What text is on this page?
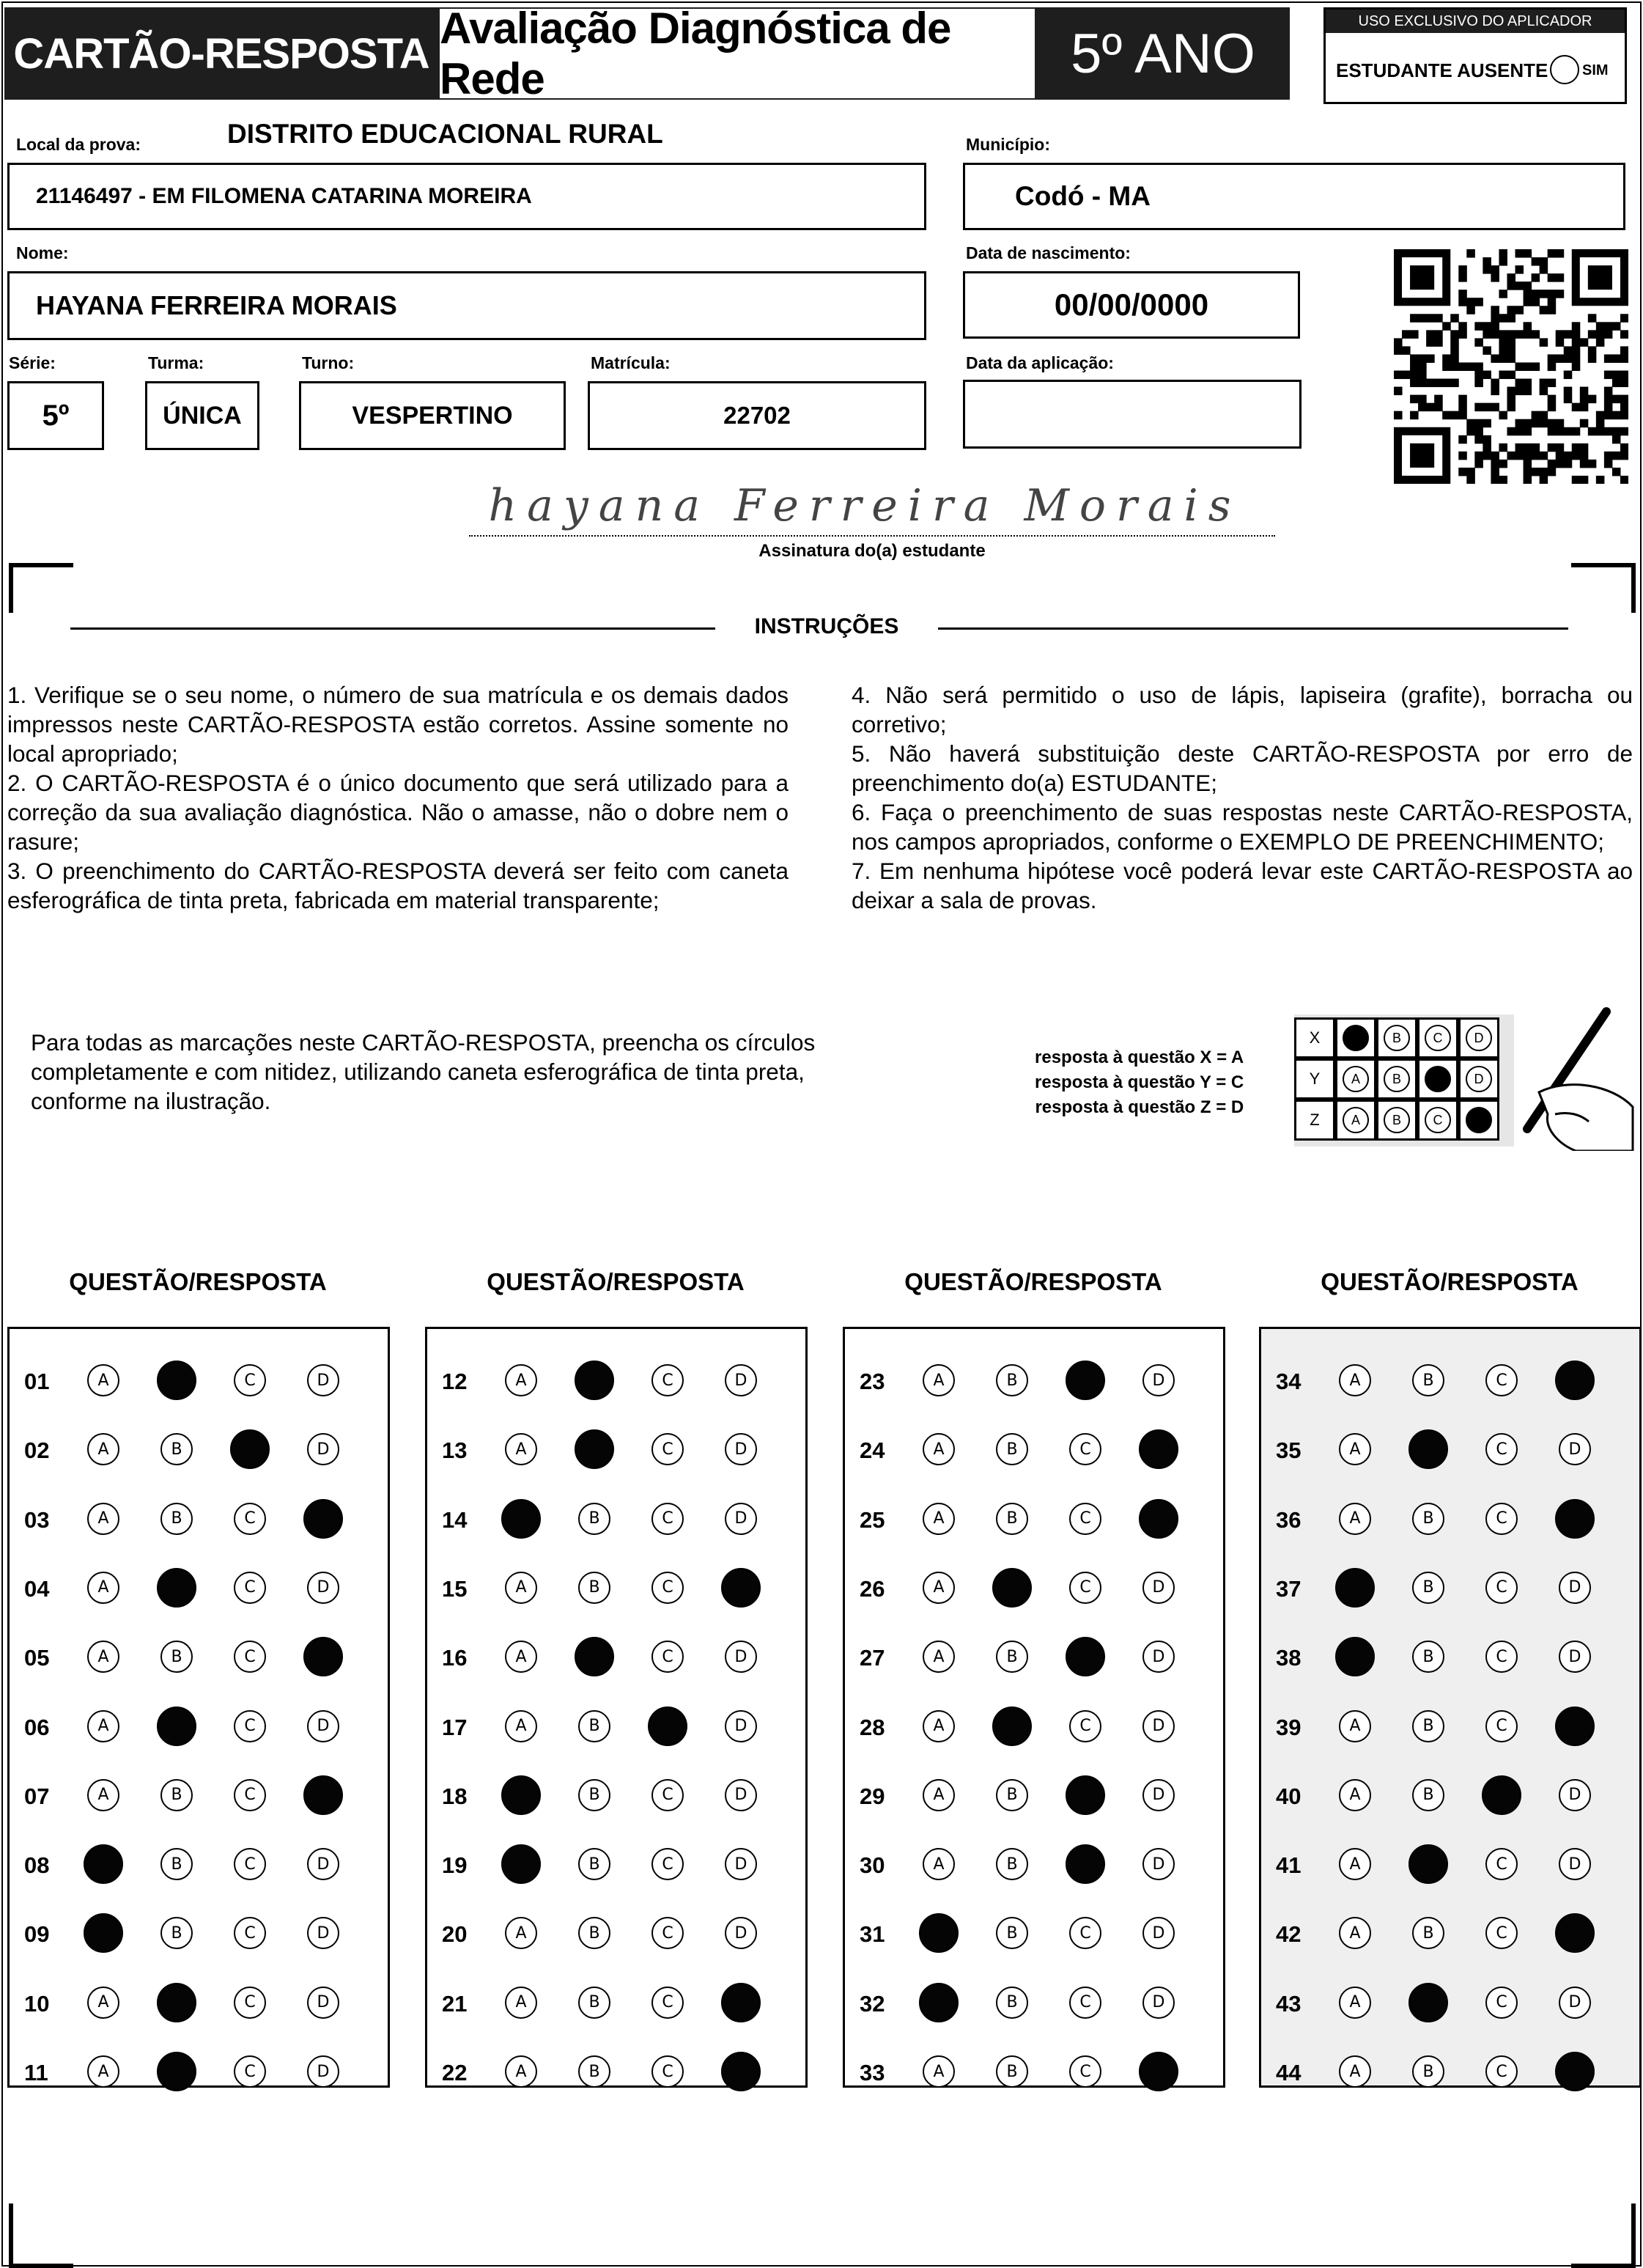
CARTÃO-RESPOSTA
Avaliação Diagnóstica de Rede	5º ANO
USO EXCLUSIVO DO APLICADOR
ESTUDANTE AUSENTE SIM
Local da prova:	DISTRITO EDUCACIONAL RURAL
21146497 - EM FILOMENA CATARINA MOREIRA
Município:
Codó - MA
Nome:
HAYANA FERREIRA MORAIS
Data de nascimento:
00/00/0000
Série:
5º
Turma:
ÚNICA
Turno:
VESPERTINO
Matrícula:
22702
Data da aplicação:
hayana Ferreira Morais
Assinatura do(a) estudante
INSTRUÇÕES
1. Verifique se o seu nome, o número de sua matrícula e os demais dados impressos neste CARTÃO-RESPOSTA estão corretos. Assine somente no local apropriado;
2. O CARTÃO-RESPOSTA é o único documento que será utilizado para a correção da sua avaliação diagnóstica. Não o amasse, não o dobre nem o rasure;
3. O preenchimento do CARTÃO-RESPOSTA deverá ser feito com caneta esferográfica de tinta preta, fabricada em material transparente;
4. Não será permitido o uso de lápis, lapiseira (grafite), borracha ou corretivo;
5. Não haverá substituição deste CARTÃO-RESPOSTA por erro de preenchimento do(a) ESTUDANTE;
6. Faça o preenchimento de suas respostas neste CARTÃO-RESPOSTA, nos campos apropriados, conforme o EXEMPLO DE PREENCHIMENTO;
7. Em nenhuma hipótese você poderá levar este CARTÃO-RESPOSTA ao deixar a sala de provas.
Para todas as marcações neste CARTÃO-RESPOSTA, preencha os círculos completamente e com nitidez, utilizando caneta esferográfica de tinta preta, conforme na ilustração.
resposta à questão X = A
resposta à questão Y = C
resposta à questão Z = D
X	A	B	C	D
Y	A	B	C	D
Z	A	B	C	D
QUESTÃO/RESPOSTA
01	A	B	C	D
02	A	B	C	D
03	A	B	C	D
04	A	B	C	D
05	A	B	C	D
06	A	B	C	D
07	A	B	C	D
08	A	B	C	D
09	A	B	C	D
10	A	B	C	D
11	A	B	C	D
QUESTÃO/RESPOSTA
12	A	B	C	D
13	A	B	C	D
14	A	B	C	D
15	A	B	C	D
16	A	B	C	D
17	A	B	C	D
18	A	B	C	D
19	A	B	C	D
20	A	B	C	D
21	A	B	C	D
22	A	B	C	D
QUESTÃO/RESPOSTA
23	A	B	C	D
24	A	B	C	D
25	A	B	C	D
26	A	B	C	D
27	A	B	C	D
28	A	B	C	D
29	A	B	C	D
30	A	B	C	D
31	A	B	C	D
32	A	B	C	D
33	A	B	C	D
QUESTÃO/RESPOSTA
34	A	B	C	D
35	A	B	C	D
36	A	B	C	D
37	A	B	C	D
38	A	B	C	D
39	A	B	C	D
40	A	B	C	D
41	A	B	C	D
42	A	B	C	D
43	A	B	C	D
44	A	B	C	D
